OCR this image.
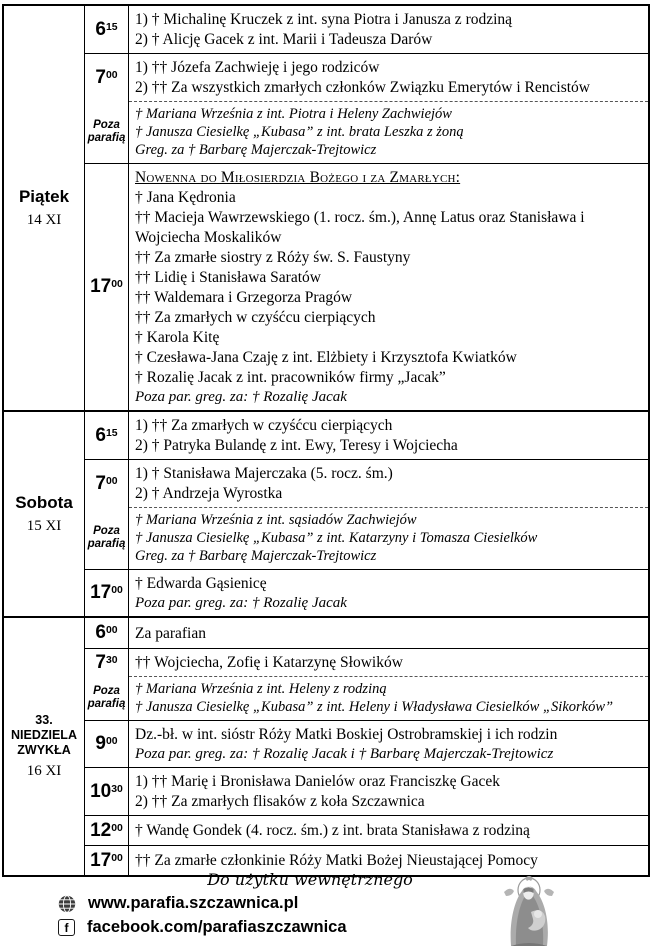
Piątek
14 XI
$6^{15}$ 1) † Michalinę Kruczek z int. syna Piotra i Janusza z rodziną
2) † Alicję Gacek z int. Marii i Tadeusza Darów
$7^{00}$ 1) †† Józefa Zachwieję i jego rodziców
2) †† Za wszystkich zmarłych członków Związku Emerytów i Rencistów
Poza parafią
† Mariana Września z int. Piotra i Heleny Zachwiejów
† Janusza Ciesielkę „Kubasa” z int. brata Leszka z żoną
Greg. za † Barbarę Majerczak-Trejtowicz
$17^{00}$
Nowenna do Miłosierdzia Bożego i za Zmarłych:
† Jana Kędronia
†† Macieja Wawrzewskiego (1. rocz. śm.), Annę Latus oraz Stanisława i Wojciecha Moskalików
†† Za zmarłe siostry z Róży św. S. Faustyny
†† Lidię i Stanisława Saratów
†† Waldemara i Grzegorza Pragów
†† Za zmarłych w czyśćcu cierpiących
† Karola Kitę
† Czesława-Jana Czaję z int. Elżbiety i Krzysztofa Kwiatków
† Rozalię Jacak z int. pracowników firmy „Jacak”
Poza par. greg. za: † Rozalię Jacak
Sobota
15 XI
$6^{15}$ 1) †† Za zmarłych w czyśćcu cierpiących
2) † Patryka Bulandę z int. Ewy, Teresy i Wojciecha
$7^{00}$ 1) † Stanisława Majerczaka (5. rocz. śm.)
2) † Andrzeja Wyrostka
Poza parafią
† Mariana Września z int. sąsiadów Zachwiejów
† Janusza Ciesielkę „Kubasa” z int. Katarzyny i Tomasza Ciesielków
Greg. za † Barbarę Majerczak-Trejtowicz
$17^{00}$ † Edwarda Gąsienicę
Poza par. greg. za: † Rozalię Jacak
33.
NIEDZIELA
ZWYKŁA
16 XI
$6^{00}$ Za parafian
$7^{30}$ †† Wojciecha, Zofię i Katarzynę Słowików
Poza parafią
† Mariana Września z int. Heleny z rodziną
† Janusza Ciesielkę „Kubasa” z int. Heleny i Władysława Ciesielków „Sikorków”
$9^{00}$ Dz.-bł. w int. sióstr Róży Matki Boskiej Ostrobramskiej i ich rodzin
Poza par. greg. za: † Rozalię Jacak i † Barbarę Majerczak-Trejtowicz
$10^{30}$ 1) †† Marię i Bronisława Danielów oraz Franciszkę Gacek
2) †† Za zmarłych flisaków z koła Szczawnica
$12^{00}$ † Wandę Gondek (4. rocz. śm.) z int. brata Stanisława z rodziną
$17^{00}$ †† Za zmarłe członkinie Róży Matki Bożej Nieustającej Pomocy
Do użytku wewnętrznego
www.parafia.szczawnica.pl
f	facebook.com/parafiaszczawnica
